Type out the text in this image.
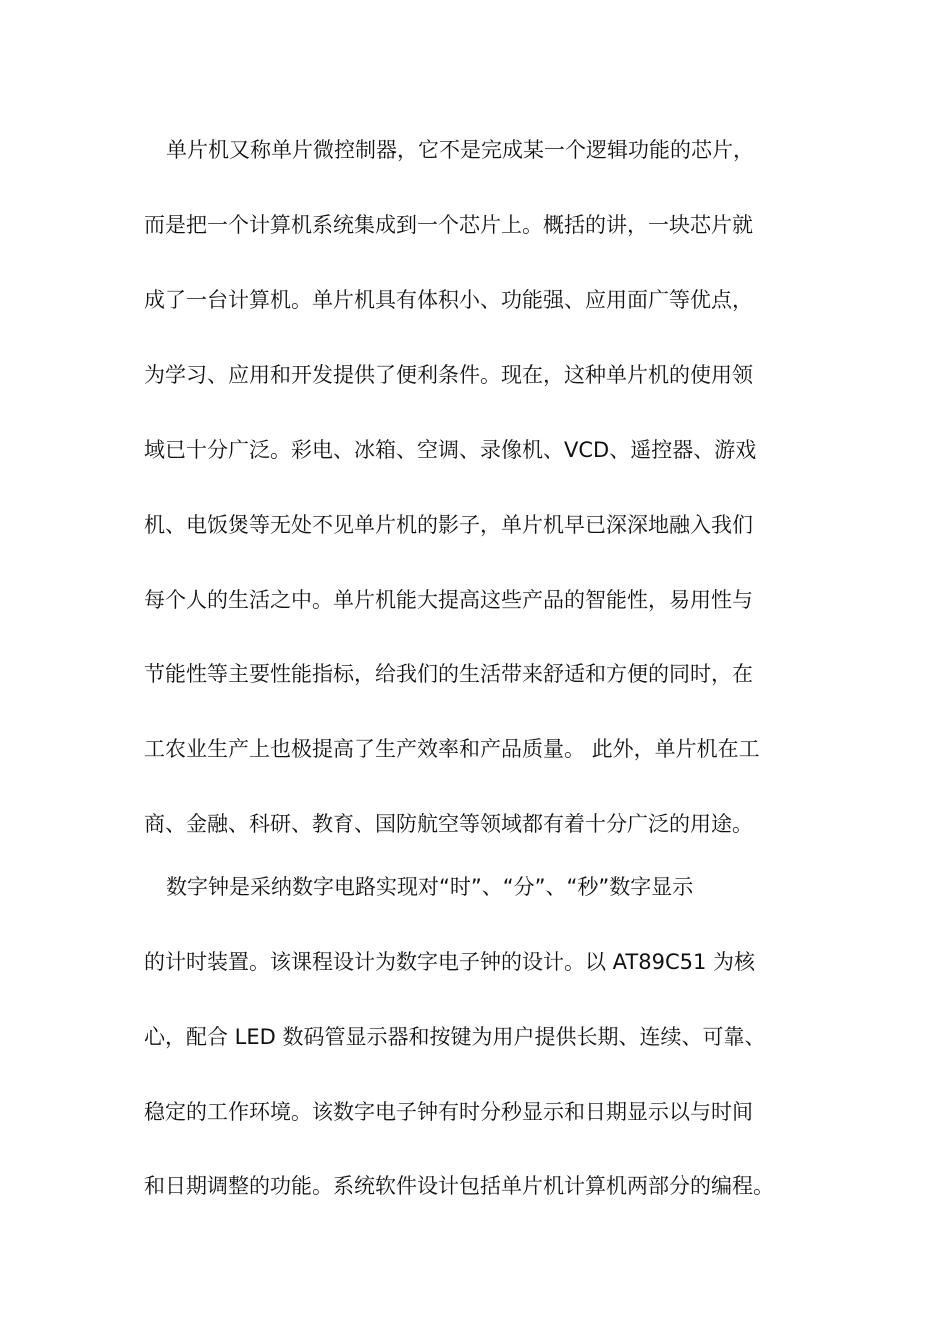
单片机又称单片微控制器，它不是完成某一个逻辑功能的芯片，
而是把一个计算机系统集成到一个芯片上。概括的讲，一块芯片就
成了一台计算机。单片机具有体积小、功能强、应用面广等优点，
为学习、应用和开发提供了便利条件。现在，这种单片机的使用领
域已十分广泛。彩电、冰箱、空调、录像机、VCD、遥控器、游戏
机、电饭煲等无处不见单片机的影子，单片机早已深深地融入我们
每个人的生活之中。单片机能大提高这些产品的智能性，易用性与
节能性等主要性能指标，给我们的生活带来舒适和方便的同时，在
工农业生产上也极提高了生产效率和产品质量。 此外，单片机在工
商、金融、科研、教育、国防航空等领域都有着十分广泛的用途。
数字钟是采纳数字电路实现对“时”、“分”、“秒”数字显示
的计时装置。该课程设计为数字电子钟的设计。以 AT89C51 为核
心，配合 LED 数码管显示器和按键为用户提供长期、连续、可靠、
稳定的工作环境。该数字电子钟有时分秒显示和日期显示以与时间
和日期调整的功能。系统软件设计包括单片机计算机两部分的编程。
